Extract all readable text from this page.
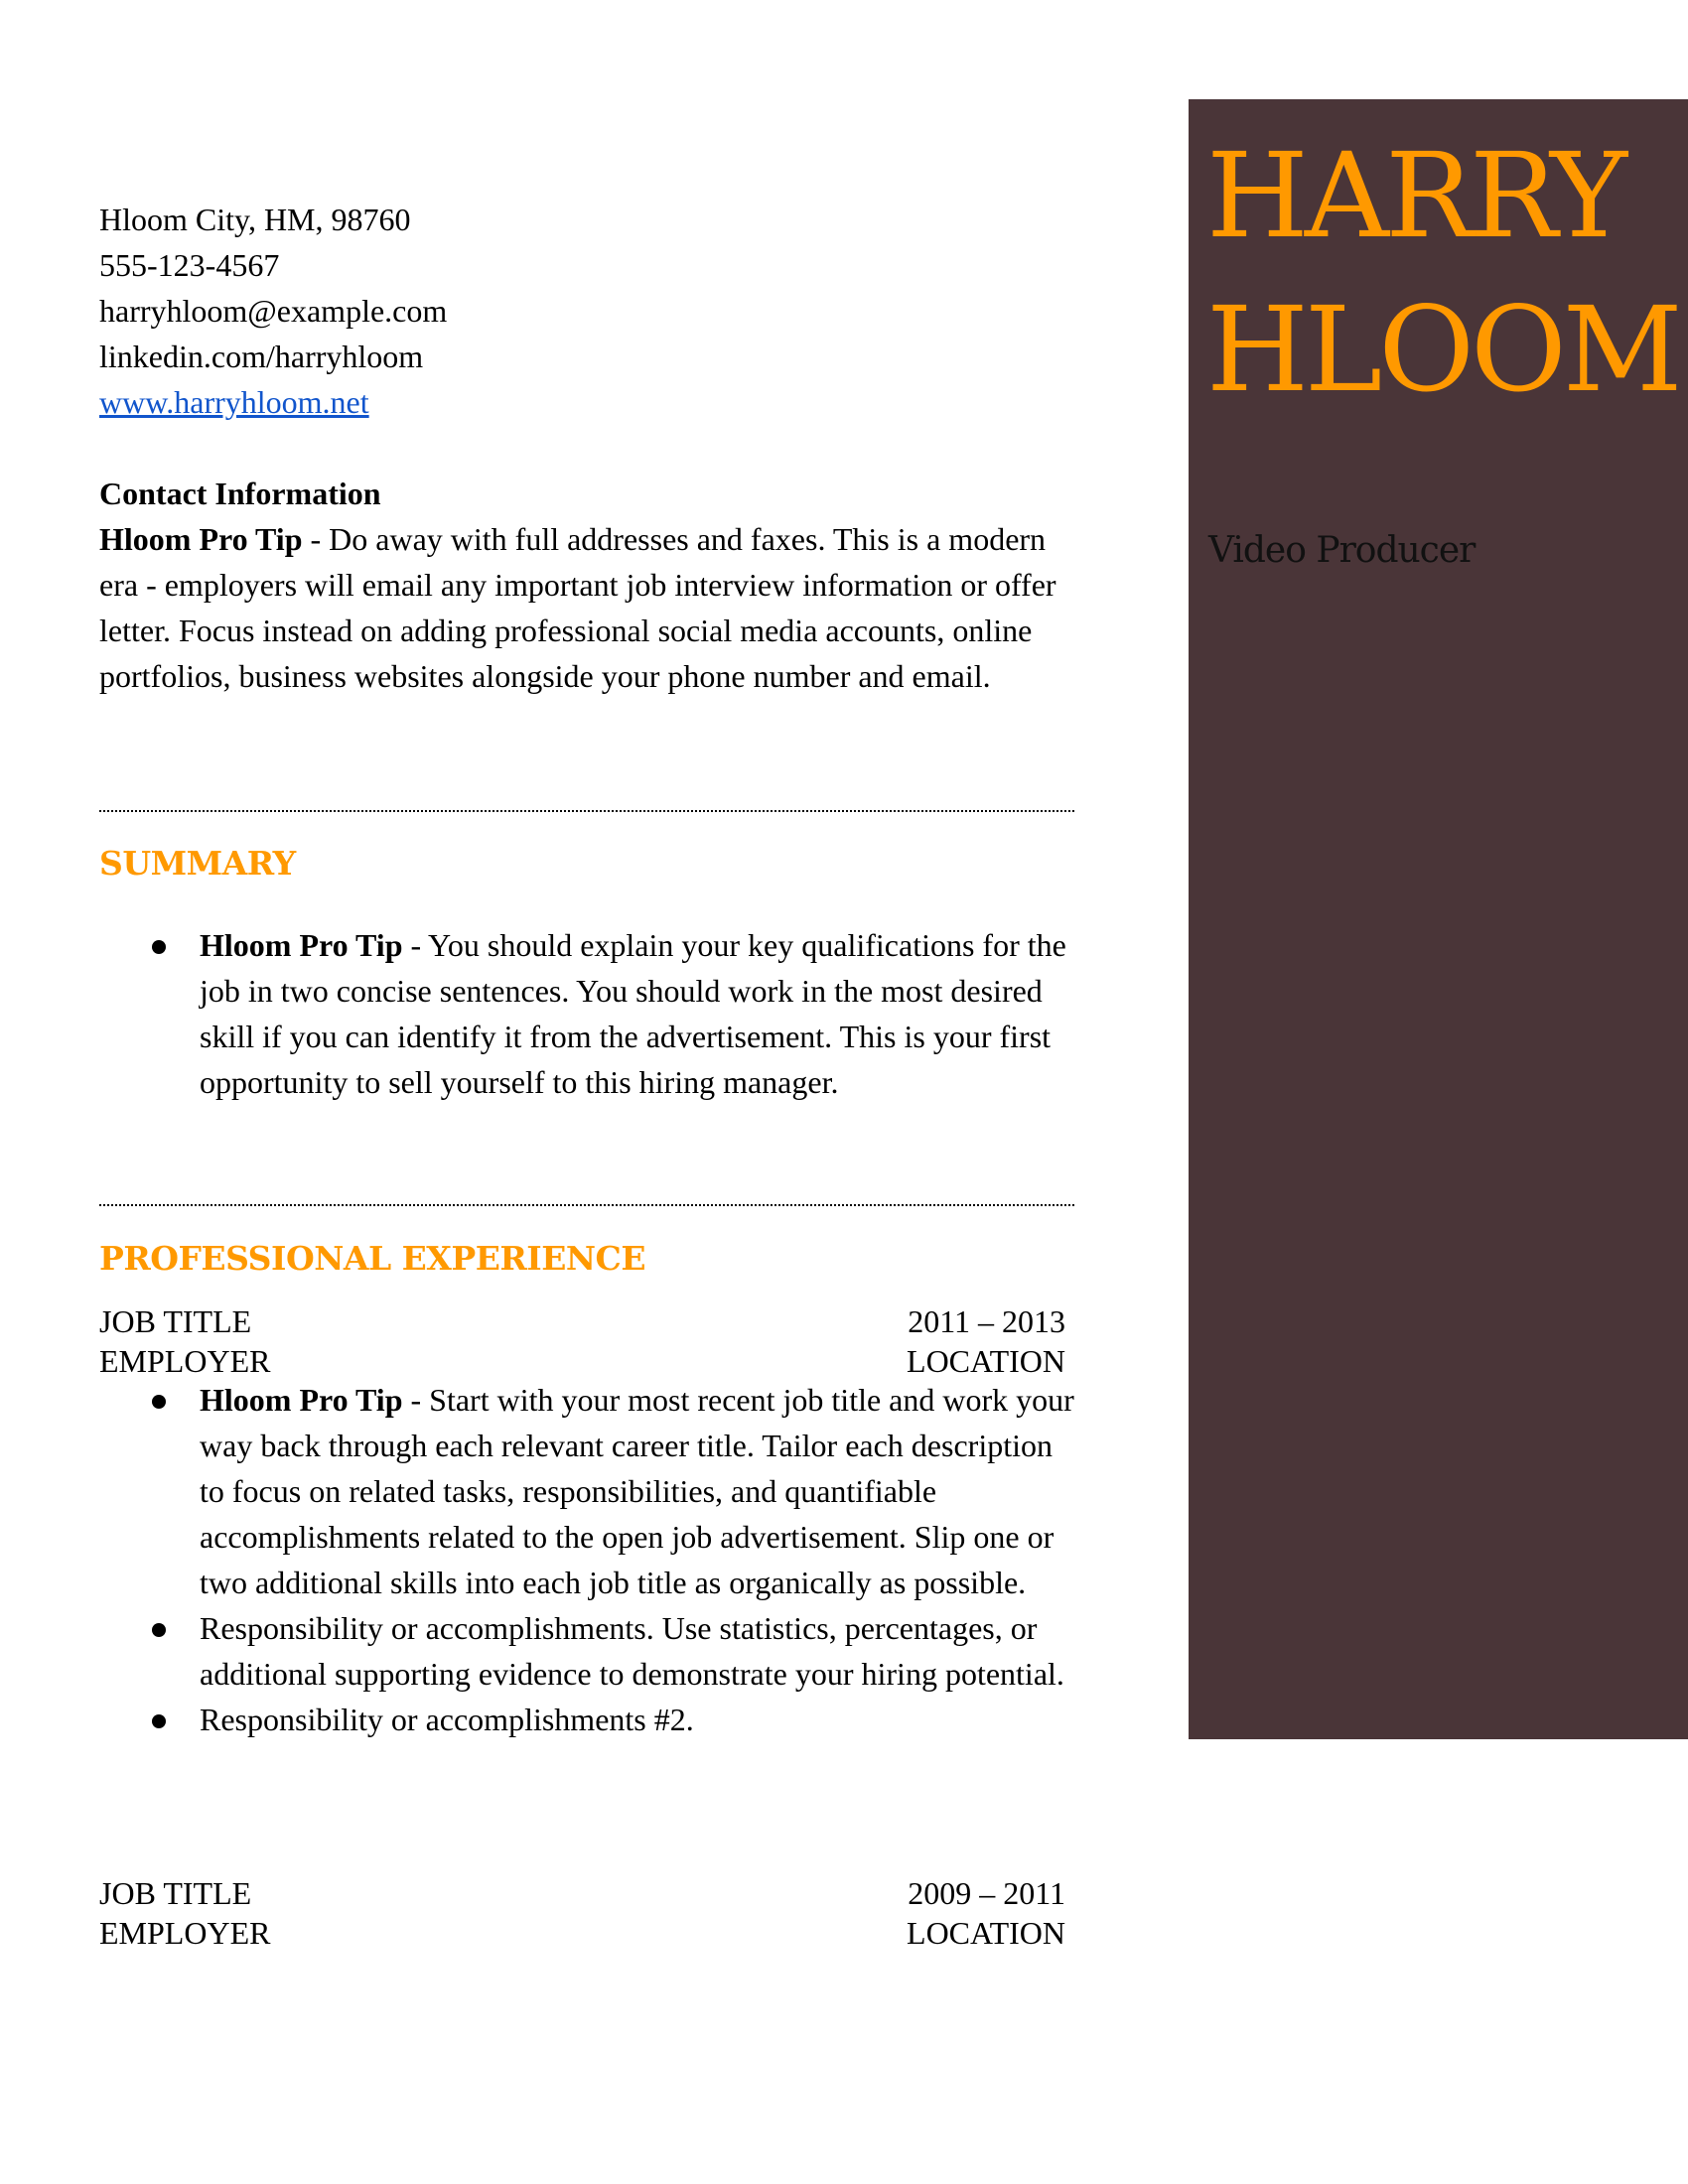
HARRY
HLOOM
Video Producer
Hloom City, HM, 98760
555-123-4567
harryhloom@example.com
linkedin.com/harryhloom
www.harryhloom.net
Contact Information
Hloom Pro Tip - Do away with full addresses and faxes. This is a modern era - employers will email any important job interview information or offer letter. Focus instead on adding professional social media accounts, online portfolios, business websites alongside your phone number and email.
SUMMARY
Hloom Pro Tip - You should explain your key qualifications for the job in two concise sentences. You should work in the most desired skill if you can identify it from the advertisement. This is your first opportunity to sell yourself to this hiring manager.
PROFESSIONAL EXPERIENCE
JOB TITLE	2011 – 2013
EMPLOYER	LOCATION
Hloom Pro Tip - Start with your most recent job title and work your way back through each relevant career title. Tailor each description to focus on related tasks, responsibilities, and quantifiable accomplishments related to the open job advertisement. Slip one or two additional skills into each job title as organically as possible.
Responsibility or accomplishments. Use statistics, percentages, or additional supporting evidence to demonstrate your hiring potential.
Responsibility or accomplishments #2.
JOB TITLE	2009 – 2011
EMPLOYER	LOCATION
